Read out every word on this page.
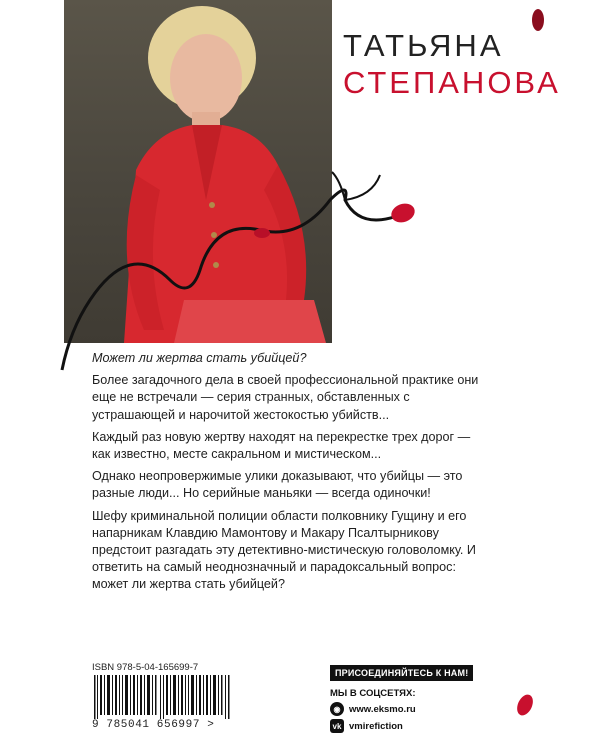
ТАТЬЯНА
СТЕПАНОВА

Может ли жертва стать убийцей?

Более загадочного дела в своей профессиональной практике они еще не встречали — серия странных, обставленных с устрашающей и нарочитой жестокостью убийств...

Каждый раз новую жертву находят на перекрестке трех дорог — как известно, месте сакральном и мистическом...

Однако неопровержимые улики доказывают, что убийцы — это разные люди... Но серийные маньяки — всегда одиночки!

Шефу криминальной полиции области полковнику Гущину и его напарникам Клавдию Мамонтову и Макару Псалтырникову предстоит разгадать эту детективно-мистическую головоломку. И ответить на самый неоднозначный и парадоксальный вопрос: может ли жертва стать убийцей?

ISBN 978-5-04-165699-7
9 785041 656997 >
ПРИСОЕДИНЯЙТЕСЬ К НАМ!
МЫ В СОЦСЕТЯХ:
◉ www.eksmo.ru
vk vmirefiction
